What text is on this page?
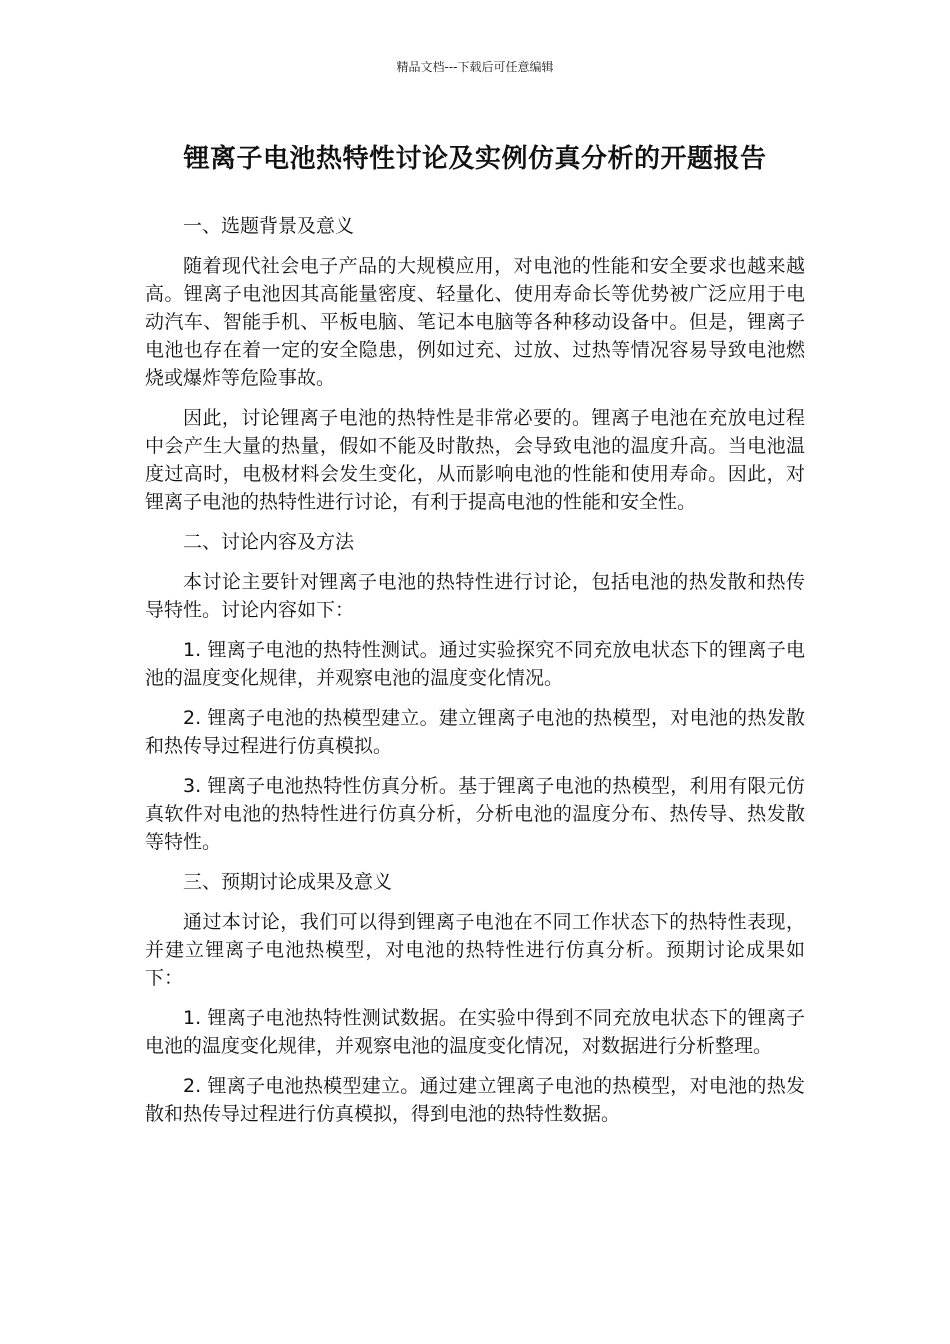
精品文档---下载后可任意编辑
锂离子电池热特性讨论及实例仿真分析的开题报告

一、选题背景及意义

随着现代社会电子产品的大规模应用，对电池的性能和安全要求也越来越高。锂离子电池因其高能量密度、轻量化、使用寿命长等优势被广泛应用于电动汽车、智能手机、平板电脑、笔记本电脑等各种移动设备中。但是，锂离子电池也存在着一定的安全隐患，例如过充、过放、过热等情况容易导致电池燃烧或爆炸等危险事故。

因此，讨论锂离子电池的热特性是非常必要的。锂离子电池在充放电过程中会产生大量的热量，假如不能及时散热，会导致电池的温度升高。当电池温度过高时，电极材料会发生变化，从而影响电池的性能和使用寿命。因此，对锂离子电池的热特性进行讨论，有利于提高电池的性能和安全性。

二、讨论内容及方法

本讨论主要针对锂离子电池的热特性进行讨论，包括电池的热发散和热传导特性。讨论内容如下：

1. 锂离子电池的热特性测试。通过实验探究不同充放电状态下的锂离子电池的温度变化规律，并观察电池的温度变化情况。

2. 锂离子电池的热模型建立。建立锂离子电池的热模型，对电池的热发散和热传导过程进行仿真模拟。

3. 锂离子电池热特性仿真分析。基于锂离子电池的热模型，利用有限元仿真软件对电池的热特性进行仿真分析，分析电池的温度分布、热传导、热发散等特性。

三、预期讨论成果及意义

通过本讨论，我们可以得到锂离子电池在不同工作状态下的热特性表现，并建立锂离子电池热模型，对电池的热特性进行仿真分析。预期讨论成果如下：

1. 锂离子电池热特性测试数据。在实验中得到不同充放电状态下的锂离子电池的温度变化规律，并观察电池的温度变化情况，对数据进行分析整理。

2. 锂离子电池热模型建立。通过建立锂离子电池的热模型，对电池的热发散和热传导过程进行仿真模拟，得到电池的热特性数据。
